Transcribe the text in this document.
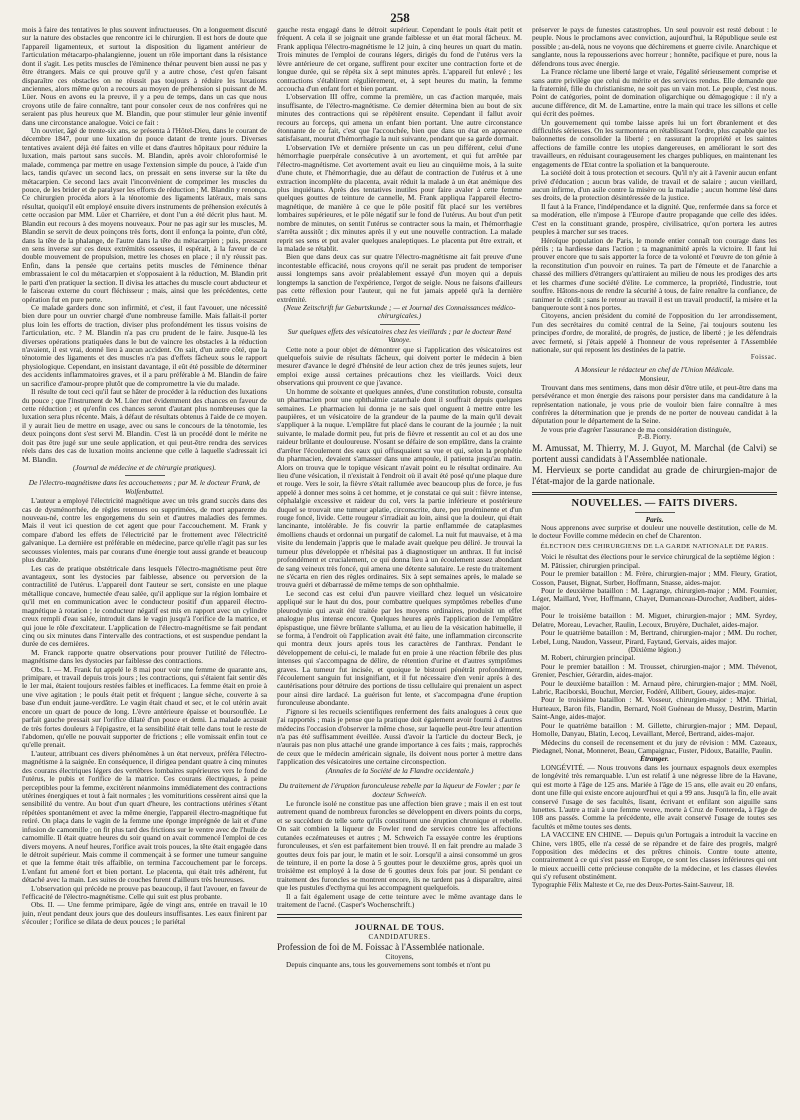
258

mois à faire des tentatives le plus souvent infructueuses. On a longuement discuté sur la nature des obstacles que rencontre ici le chirurgien. Il est hors de doute que l'appareil ligamenteux, et surtout la disposition du ligament antérieur de l'articulation métacarpo-phalangienne, jouent un rôle important dans la résistance dont il s'agit. Les petits muscles de l'éminence thénar peuvent bien aussi ne pas y être étrangers. Mais ce qui prouve qu'il y a autre chose, c'est qu'en faisant disparaître ces obstacles on ne réussit pas toujours à réduire les luxations anciennes, alors même qu'on a recours au moyen de préhension si puissant de M. Lüer. Nous en avons eu la preuve, il y a peu de temps, dans un cas que nous croyons utile de faire connaître, tant pour consoler ceux de nos confrères qui ne seraient pas plus heureux que M. Blandin, que pour stimuler leur génie inventif dans une circonstance analogue. Voici ce fait :

Un ouvrier, âgé de trente-six ans, se présenta à l'Hôtel-Dieu, dans le courant de décembre 1847, pour une luxation du pouce datant de trente jours. Diverses tentatives avaient déjà été faites en ville et dans d'autres hôpitaux pour réduire la luxation, mais partout sans succès. M. Blandin, après avoir chloroformisé le malade, commença par mettre en usage l'extension simple du pouce, à l'aide d'un lacs, tandis qu'avec un second lacs, on pressait en sens inverse sur la tête du métacarpien. Ce second lacs avait l'inconvénient de comprimer les muscles du pouce, de les brider et de paralyser les efforts de réduction ; M. Blandin y renonça. Ce chirurgien procéda alors à la ténotomie des ligaments latéraux, mais sans résultat, quoiqu'il eût employé ensuite divers instruments de préhension exécutés à cette occasion par MM. Lüer et Charrière, et dont l'un a été décrit plus haut. M. Blandin eut recours à des moyens nouveaux. Pour ne pas agir sur les muscles, M. Blandin se servit de deux poinçons très forts, dont il enfonça la pointe, d'un côté, dans la tête de la phalange, de l'autre dans la tête du métacarpien ; puis, pressant en sens inverse sur ces deux extrémités osseuses, il espérait, à la faveur de ce double mouvement de propulsion, mettre les choses en place ; il n'y réussit pas. Enfin, dans la pensée que certains petits muscles de l'éminence thénar embrassaient le col du métacarpien et s'opposaient à la réduction, M. Blandin prit le parti d'en pratiquer la section. Il divisa les attaches du muscle court abducteur et le faisceau externe du court fléchisseur ; mais, ainsi que les précédentes, cette opération fut en pure perte.

Ce malade garders donc son infirmité, et c'est, il faut l'avouer, une nécessité bien dure pour un ouvrier chargé d'une nombreuse famille. Mais fallait-il porter plus loin les efforts de traction, diviser plus profondément les tissus voisins de l'articulation, etc. ? M. Blandin n'a pas cru prudent de le faire. Jusque-là les diverses opérations pratiquées dans le but de vaincre les obstacles à la réduction n'avaient, il est vrai, donné lieu à aucun accident. On sait, d'un autre côté, que la ténotomie des ligaments et des muscles n'a pas d'effets fâcheux sous le rapport physiologique. Cependant, en insistant davantage, il eût été possible de déterminer des accidents inflammatoires graves, et il a paru préférable à M. Blandin de faire un sacrifice d'amour-propre plutôt que de compromettre la vie du malade.

Il résulte de tout ceci qu'il faut se hâter de procéder à la réduction des luxations du pouce ; que l'instrument de M. Lüer met évidemment des chances en faveur de cette réduction ; et qu'enfin ces chances seront d'autant plus nombreuses que la luxation sera plus récente. Mais, à défaut de résultats obtenus à l'aide de ce moyen. il y aurait lieu de mettre en usage, avec ou sans le concours de la ténotomie, les deux poinçons dont s'est servi M. Blandin. C'est là un procédé dont le mérite ne doit pas être jugé sur une seule application, et qui peut-être rendra des services réels dans des cas de luxation moins ancienne que celle à laquelle s'adressait ici M. Blandin.

(Journal de médecine et de chirurgie pratiques).

De l'électro-magnétisme dans les accouchemens ; par M. le docteur Frank, de Wolfenbuttel.

L'auteur a employé l'électricité magnétique avec un très grand succès dans des cas de dysménorrhée, de règles retenues ou supprimées, de mort apparente du nouveau-né, contre les engorgemens du sein et d'autres maladies des femmes. Mais il veut ici question de cet agent que pour l'accouchement. M. Frank y compare d'abord les effets de l'électricité par le frottement avec l'électricité galvanique. La dernière est préférable en médecine, parce qu'elle n'agit pas sur les secousses violentes, mais par courans d'une énergie tout aussi grande et beaucoup plus durable.

Les cas de pratique obstétricale dans lesquels l'électro-magnétisme peut être avantageux, sont les dystocies par faiblesse, absence ou perversion de la contractilité de l'utérus. L'appareil dont l'auteur se sert, consiste en une plaque métallique concave, humectée d'eau salée, qu'il applique sur la région lombaire et qu'il met en communication avec le conducteur positif d'un appareil électro-magnétique à rotation ; le conducteur négatif est mis en rapport avec un cylindre creux rempli d'eau salée, introduit dans le vagin jusqu'à l'orifice de la matrice, et qui joue le rôle d'excitateur. L'application de l'électro-magnétisme se fait pendant cinq ou six minutes dans l'intervalle des contractions, et est suspendue pendant la durée de ces dernières.

M. Franck rapporte quatre observations pour prouver l'utilité de l'électro-magnétisme dans les dystocies par faiblesse des contractions.

Obs. I. — M. Frank fut appelé le 8 mai pour voir une femme de quarante ans, primipare, et travail depuis trois jours ; les contractions, qui s'étaient fait sentir dès le 1er mai, étaient toujours restées faibles et inefficaces. La femme était en proie à une vive agitation ; le pouls était petit et fréquent ; langue sèche, couverte à sa base d'un enduit jaune-verdâtre. Le vagin était chaud et sec, et le col utérin avait encore un quart de pouce de long. L'èvre antérieure épaisse et boursouflée. Le parfait gauche pressait sur l'orifice dilaté d'un pouce et demi. La malade accusait de très fortes douleurs à l'épigastre, et la sensibilité était telle dans tout le reste de l'abdomen, qu'elle ne pouvait supporter de frictions ; elle vomissait enfin tout ce qu'elle prenait.

L'auteur, attribuant ces divers phénomènes à un état nerveux, préféra l'électro-magnétisme à la saignée. En conséquence, il dirigea pendant quatre à cinq minutes des courans électriques légers des vertèbres lombaires supérieures vers le fond de l'utérus, le pubis et l'orifice de la matrice. Ces courans électriques, à peine perceptibles pour la femme, excitèrent néanmoins immédiatement des contractions utérines énergiques et tout à fait normales ; les vomituritions cessèrent ainsi que la sensibilité du ventre. Au bout d'un quart d'heure, les contractions utérines s'étant répétées spontanément et avec la même énergie, l'appareil électro-magnétique fut retiré. On plaça dans le vagin de la femme une éponge imprégnée de lait et d'une infusion de camomille ; on fit plus tard des frictions sur le ventre avec de l'huile de camomille. Il était quatre heures du soir quand on avait commencé l'emploi de ces divers moyens. A neuf heures, l'orifice avait trois pouces, la tête était engagée dans le détroit supérieur. Mais comme il commençait à se former une tumeur sanguine et que la femme était très affaiblie, on termina l'accouchement par le forceps. L'enfant fut amené fort et bien portant. Le placenta, qui était très adhérent, fut détaché avec la main. Les suites de couches furent d'ailleurs très heureuses.

L'observation qui précède ne prouve pas beaucoup, il faut l'avouer, en faveur de l'efficacité de l'électro-magnétisme. Celle qui suit est plus probante.

Obs. II. — Une femme primipare, âgée de vingt ans, entrée en travail le 10 juin, n'eut pendant deux jours que des douleurs insuffisantes. Les eaux finirent par s'écouler ; l'orifice se dilata de deux pouces ; le pariétal

gauche resta engagé dans le détroit supérieur. Cependant le pouls était petit et fréquent. A cela il se joignait une grande faiblesse et un état moral fâcheux. M. Frank appliqua l'électro-magnétisme le 12 juin, à cinq heures un quart du matin. Trois minutes de l'emploi de courans légers, dirigés du fond de l'utérus vers la lèvre antérieure de cet organe, suffirent pour exciter une contraction forte et de longue durée, qui se répéta six à sept minutes après. L'appareil fut enlevé ; les contractions s'établirent régulièrement, et, à sept heures du matin, la femme accoucha d'un enfant fort et bien portant.

L'observation III offre, comme la première, un cas d'action marquée, mais insuffisante, de l'électro-magnétisme. Ce dernier détermina bien au bout de six minutes des contractions qui se répétèrent ensuite. Cependant il fallut avoir recours au forceps, qui amena un enfant bien portant. Une autre circonstance étonnante de ce fait, c'est que l'accouchée, bien que dans un état en apparence satisfaisant, mourut d'hémorrhagie la nuit suivante, pendant que sa garde dormait.

L'observation IVe et dernière présente un cas un peu différent, celui d'une hémorrhagie puerpérale consécutive à un avortement, et qui fut arrêtée par l'électro-magnétisme. Cet avortement avait eu lieu au cinquième mois, à la suite d'une chute, et l'hémorrhagie, due au défaut de contraction de l'utérus et à une extraction incomplète du placenta, avait réduit la malade à un état anémique des plus inquiétans. Après des tentatives inutiles pour faire avaler à cette femme quelques gouttes de teinture de cannelle, M. Frank appliqua l'appareil électro-magnétique, de manière à ce que le pôle positif fût placé sur les vertèbres lombaires supérieures, et le pôle négatif sur le fond de l'utérus. Au bout d'un petit nombre de minutes, on sentit l'utérus se contracter sous la main, et l'hémorrhagie s'arrêta aussitôt ; dix minutes après il y eut une nouvelle contraction. La malade reprit ses sens et put avaler quelques analeptiques. Le placenta put être extrait, et la malade se rétablit.

Bien que dans deux cas sur quatre l'électro-magnétisme ait fait preuve d'une incontestable efficacité, nous croyons qu'il ne serait pas prudent de temporiser aussi longtemps sans avoir préalablement essayé d'un moyen qui a depuis longtemps la sanction de l'expérience, l'ergot de seigle. Nous ne faisons d'ailleurs pas cette réflexion pour l'auteur, qui ne fut jamais appelé qu'à la dernière extrémité.

(Neue Zeitschrift fur Geburtskunde ; — et Journal des Connaissances médico-chirurgicales.)

Sur quelques effets des vésicatoires chez les vieillards ; par le docteur René Vanoye.

Cette note a pour objet de démontrer que si l'application des vésicatoires est quelquefois suivie de résultats fâcheux, qui doivent porter le médecin à bien mesurer d'avance le degré d'hénsité de leur action chez de très jeunes sujets, leur emploi exige aussi certaines précautions chez les vieillards. Voici deux observations qui prouvent ce que j'avance.

Un homme de soixante et quelques années, d'une constitution robuste, consulta un pharmacien pour une ophthalmie catarrhale dont il souffrait depuis quelques semaines. Le pharmacien lui donna je ne sais quel onguent à mettre entre les paupières, et un vésicatoire de la grandeur de la paume de la main qu'il devait s'appliquer à la nuque. L'emplâtre fut placé dans le courant de la journée ; la nuit suivante, le malade dormit peu, fut pris de fièvre et ressentit au col et au dos une raideur brûlante et douloureuse. N'osant se défaire de son emplâtre, dans la crainte d'arrêter l'écoulement des eaux qui offusquaient sa vue et qui, selon la prophétie du pharmacien, devaient s'amasser dans une ampoule, il patienta jusqu'au matin. Alors on trouva que le topique vésicant n'avait point eu le résultat ordinaire. Au lieu d'une vésication, il n'existait à l'endroit où il avait été posé qu'une plaque dure et rouge. Vers le soir, la fièvre s'était rallumée avec beaucoup plus de force, je fus appelé à donner mes soins à cet homme, et je constatai ce qui suit : fièvre intense, céphalalgie excessive et raideur du col, vers la partie inférieure et postérieure duquel se trouvait une tumeur aplatie, circonscrite, dure, peu proéminente et d'un rouge foncé, livide. Cette rougeur s'irradiait au loin, ainsi que la douleur, qui était lancinante, intolérable. Je fis couvrir la partie enflammée de cataplasmes émolliens chauds et ordonnai un purgatif de calomel. La nuit fut mauvaise, et à ma visite du lendemain j'appris que le malade avait quelque peu déliré. Je trouvai la tumeur plus développée et n'hésitai pas à diagnostiquer un anthrax. Il fut incisé profondément et crucialement, ce qui donna lieu à un écoulement assez abondant de sang veineux très foncé, qui amena une détente salutaire. Le reste du traitement ne s'écarta en rien des règles ordinaires. Six à sept semaines après, le malade se trouva guéri et débarrassé de même temps de son ophthalmie.

Le second cas est celui d'un pauvre vieillard chez lequel un vésicatoire appliqué sur le haut du dos, pour combattre quelques symptômes rebelles d'une pleurodynie qui avait été traitée par les moyens ordinaires, produisit un effet analogue plus intense encore. Quelques heures après l'application de l'emplâtre épispastique, une fièvre brûlante s'alluma, et au lieu de la vésication habituelle, il se forma, à l'endroit où l'application avait été faite, une inflammation circonscrite qui montra deux jours après tous les caractères de l'anthrax. Pendant le développement de celui-ci, le malade fut en proie à une réaction fébrile des plus intenses qui s'accompagna de délire, de rétention d'urine et d'autres symptômes graves. La tumeur fut incisée, et quoique le bistouri pénétrât profondément, l'écoulement sanguin fut insignifiant, et il fut nécessaire d'en venir après à des cautérisations pour détruire des portions de tissu cellulaire qui prenaient un aspect pour ainsi dire lardacé. La guérison fut lente, et s'accompagna d'une éruption furonculeuse abondante.

J'ignore si les recueils scientifiques renferment des faits analogues à ceux que j'ai rapportés ; mais je pense que la pratique doit également avoir fourni à d'autres médecins l'occasion d'observer la même chose, sur laquelle peut-être leur attention n'a pas été suffisamment éveillée. Aussi d'avoir la l'article du docteur Beck, je n'aurais pas non plus attaché une grande importance à ces faits ; mais, rapprochés de ceux que le médecin américain signale, ils doivent nous porter à mettre dans l'application des vésicatoires une certaine circonspection.

(Annales de la Société de la Flandre occidentale.)

Du traitement de l'éruption furonculeuse rebelle par la liqueur de Fowler ; par le docteur Schweich.

Le furoncle isolé ne constitue pas une affection bien grave ; mais il en est tout autrement quand de nombreux furoncles se développent en divers points du corps, et se succèdent de telle sorte qu'ils constituent une éruption chronique et rebelle. On sait combien la liqueur de Fowler rend de services contre les affections cutanées eczémateuses et autres ; M. Schweich l'a essayée contre les éruptions furonculeuses, et s'en est parfaitement bien trouvé. Il en fait prendre au malade 3 gouttes deux fois par jour, le matin et le soir. Lorsqu'il a ainsi consommé un gros de teinture, il en porte la dose à 5 gouttes pour le deuxième gros, après quoi un troisième est employé à la dose de 6 gouttes deux fois par jour. Si pendant ce traitement des furoncles se montrent encore, ils ne tardent pas à disparaître, ainsi que les pustules d'ecthyma qui les accompagnent quelquefois.

Il a fait également usage de cette teinture avec le même avantage dans le traitement de l'acné. (Casper's Wochenschrift.)

JOURNAL DE TOUS.

CANDIDATURES.

Profession de foi de M. Foissac à l'Assemblée nationale.

Citoyens,

Depuis cinquante ans, tous les gouvernemens sont tombés et n'ont pu

préserver le pays de funestes catastrophes. Un seul pouvoir est resté debout : le peuple. Nous le proclamons avec conviction, aujourd'hui, la République seule est possible ; au-delà, nous ne voyons que déchiremens et guerre civile. Anarchique et sanglante, nous la repousserions avec horreur ; honnête, pacifique et pure, nous la défendrons tous avec énergie.

La France réclame une liberté large et vraie, l'égalité sérieusement comprise et sans autre privilège que celui du mérite et des services rendus. Elle demande que la fraternité, fille du christianisme, ne soit pas un vain mot. Le peuple, c'est nous. Point de catégories, point de domination oligarchique ou démagogique : il n'y a aucune différence, dit M. de Lamartine, entre la main qui trace les sillons et celle qui écrit des poèmes.

Un gouvernement qui tombe laisse après lui un fort ébranlement et des difficultés sérieuses. On les surmontera en rétablissant l'ordre, plus capable que les baïonnettes de consolider la liberté ; en rassurant la propriété et les saintes affections de famille contre les utopies dangereuses, en améliorant le sort des travailleurs, en réduisant courageusement les charges publiques, en maintenant les engagements de l'Etat contre la spoliation et la banqueroute.

La société doit à tous protection et secours. Qu'il n'y ait à l'avenir aucun enfant privé d'éducation ; aucun bras valide, de travail et de salaire ; aucun vieillard, aucun infirme, d'un asile contre la misère ou la maladie ; aucun homme lésé dans ses droits, de la protection désintéressée de la justice.

Il faut à la France, l'indépendance et la dignité. Que, renfermée dans sa force et sa modération, elle n'impose à l'Europe d'autre propagande que celle des idées. C'est en la constituant grande, prospère, civilisatrice, qu'on portera les autres peuples à marcher sur ses traces.

Héroïque population de Paris, le monde entier connaît ton courage dans les périls ; ta hardiesse dans l'action ; ta magnanimité après la victoire. Il faut lui prouver encore que tu sais apporter la force de ta volonté et l'œuvre de ton génie à la reconstitution d'un pouvoir en ruines. Ta part de l'émeute et de l'anarchie a chassé des milliers d'étrangers qu'attiraient au milieu de nous les prodiges des arts et les charmes d'une société d'élite. Le commerce, la propriété, l'industrie, tout souffre. Hâtons-nous de rendre la sécurité à tous, de faire renaître la confiance, de ranimer le crédit ; sans le retour au travail il est un travail productif, la misère et la banqueroute sont à nos portes.

Citoyens, ancien président du comité de l'opposition du 1er arrondissement, l'un des secrétaires du comité central de la Seine, j'ai toujours soutenu les principes d'ordre, de moralité, de progrès, de justice, de liberté ; je les défendrais avec fermeté, si j'étais appelé à l'honneur de vous représenter à l'Assemblée nationale, sur qui reposent les destinées de la patrie.

Foissac.

A Monsieur le rédacteur en chef de l'Union Médicale.

Monsieur,

Trouvant dans mes sentimens, dans mon désir d'être utile, et peut-être dans ma persévérance et mon énergie des raisons pour persister dans ma candidature à la représentation nationale, je vous prie de vouloir bien faire connaître à mes confrères la détermination que je prends de ne porter de nouveau candidat à la députation pour le département de la Seine.

Je vous prie d'agréer l'assurance de ma considération distinguée,

P.-B. Piorry.

M. Amussat, M. Thierry, M. J. Guyot, M. Marchal (de Calvi) se portent aussi candidats à l'Assemblée nationale.

M. Hervieux se porte candidat au grade de chirurgien-major de l'état-major de la garde nationale.

NOUVELLES. — FAITS DIVERS.

Paris.

Nous apprenons avec surprise et douleur une nouvelle destitution, celle de M. le docteur Foville comme médecin en chef de Charenton.

ÉLECTION DES CHIRURGIENS DE LA GARDE NATIONALE DE PARIS.

Voici le résultat des élections pour le service chirurgical de la septième légion :

M. Pâtissier, chirurgien principal.

Pour le premier bataillon : M. Frère, chirurgien-major ; MM. Fleury, Gratiot, Cosson, Pauset, Bignat, Surber, Hoffmann, Snasse, aides-major.

Pour le deuxième bataillon : M. Lagrange, chirurgien-major ; MM. Fournier, Léger, Maillard, Yver, Hoffmann, Chayet, Dumanceau-Durocher, Audibert, aides-major.

Pour le troisième bataillon : M. Miguet, chirurgien-major ; MM. Syrdey, Delatre, Moreau, Levacher, Raulin, Lecoux, Bruyère, Duchalet, aides-major.

Pour le quatrième bataillon : M, Bertrand, chirurgien-major ; MM. Du rocher, Lebel, Lung, Naudon, Vasseur, Pirard, Faytaud, Gervais, aides major.

(Dixième légion.)

M. Robert, chirurgien principal.

Pour le premier bataillon : M. Trousset, chirurgien-major ; MM. Thévenot, Grenier, Peschier, Gérardin, aides-major.

Pour le deuxième bataillon : M. Arnaud père, chirurgien-major ; MM. Noël, Labric, Raciborski, Bouchut, Mercier, Fodéré, Allibert, Gouey, aides-major.

Pour le troisième bataillon : M. Vosseur, chirurgien-major ; MM. Thirial, Hurteaux, Baron fils, Flandin, Bernard, Noël Guéneau de Mussy, Destrim, Martin Saint-Ange, aides-major.

Pour le quatrième bataillon : M. Gillette, chirurgien-major ; MM. Depaul, Homolle, Danyau, Blatin, Lecoq, Levaillant, Mercé, Bertrand, aides-major.

Médecins du conseil de recensement et du jury de révision : MM. Cazeaux, Piedagnel, Nonat, Monneret, Beau, Campaignac, Fuster, Pidoux, Bataille, Paulin.

Étranger.

LONGÉVITÉ. — Nous trouvons dans les journaux espagnols deux exemples de longévité très remarquable. L'un est relatif à une négresse libre de la Havane, qui est morte à l'âge de 125 ans. Mariée à l'âge de 15 ans, elle avait eu 20 enfans, dont une fille qui existe encore aujourd'hui et qui a 99 ans. Jusqu'à la fin, elle avait conservé l'usage de ses facultés, lisant, écrivant et enfilant son aiguille sans lunettes. L'autre a trait à une femme veuve, morte à Cruz de Fontereda, à l'âge de 108 ans passés. Comme la précédente, elle avait conservé l'usage de toutes ses facultés et même toutes ses dents.

LA VACCINE EN CHINE. — Depuis qu'un Portugais a introduit la vaccine en Chine, vers 1805, elle n'a cessé de se répandre et de faire des progrès, malgré l'opposition des médecins et des prêtres chinois. Contre toute attente, contrairement à ce qui s'est passé en Europe, ce sont les classes inférieures qui ont le mieux accueilli cette précieuse conquête de la médecine, et les classes élevées qui s'y refusent obstinément.

Typographie Félix Malteste et Ce, rue des Deux-Portes-Saint-Sauveur, 18.
